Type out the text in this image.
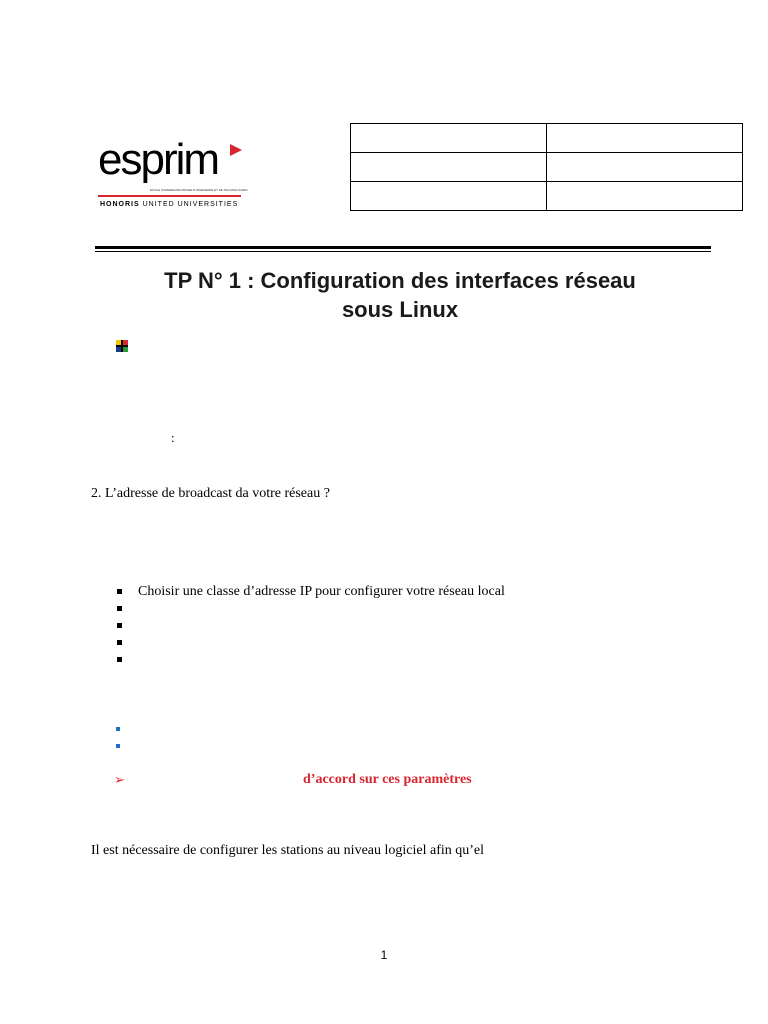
esprim
ECOLE SUPERIEURE PRIVEE D'INGENIERIE ET DE TECHNOLOGIES
HONORIS UNITED UNIVERSITIES

TP N° 1 : Configuration des interfaces réseau
sous Linux
:
2. L’adresse de broadcast da votre réseau ?
Choisir une classe d’adresse IP pour configurer votre réseau local
➢	d’accord sur ces paramètres
Il est nécessaire de configurer les stations au niveau logiciel afin qu’el
1
